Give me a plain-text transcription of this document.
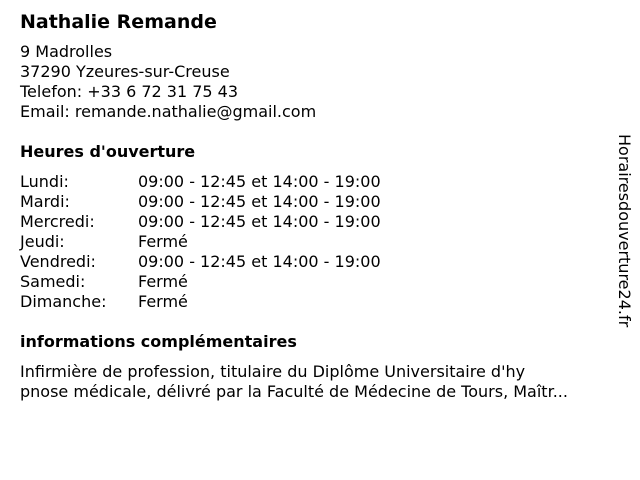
Nathalie Remande
9 Madrolles
37290 Yzeures-sur-Creuse
Telefon: +33 6 72 31 75 43
Email: remande.nathalie@gmail.com
Heures d'ouverture
Lundi:	09:00 - 12:45 et 14:00 - 19:00
Mardi:	09:00 - 12:45 et 14:00 - 19:00
Mercredi:	09:00 - 12:45 et 14:00 - 19:00
Jeudi:	Fermé
Vendredi:	09:00 - 12:45 et 14:00 - 19:00
Samedi:	Fermé
Dimanche:	Fermé
informations complémentaires
Infirmière de profession, titulaire du Diplôme Universitaire d'hy
pnose médicale, délivré par la Faculté de Médecine de Tours, Maîtr...
Horairesdouverture24.fr
